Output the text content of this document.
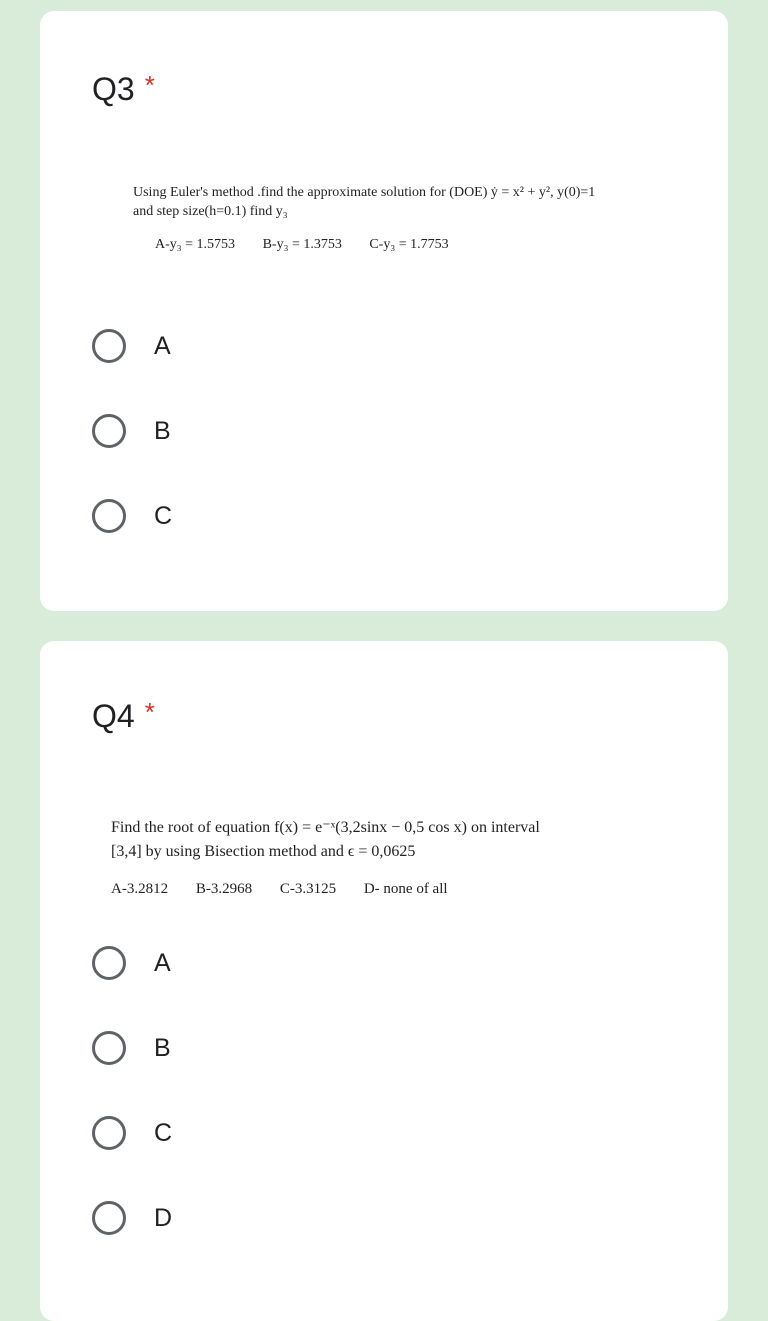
Q3 *
Using Euler's method .find the approximate solution for (DOE) ẏ = x² + y², y(0)=1
and step size(h=0.1) find y₃
A-y₃ = 1.5753 B-y₃ = 1.3753 C-y₃ = 1.7753
A
B
C
Q4 *
Find the root of equation f(x) = e⁻ˣ(3,2sinx − 0,5 cos x) on interval
[3,4] by using Bisection method and ϵ = 0,0625
A-3.2812 B-3.2968 C-3.3125 D- none of all
A
B
C
D
